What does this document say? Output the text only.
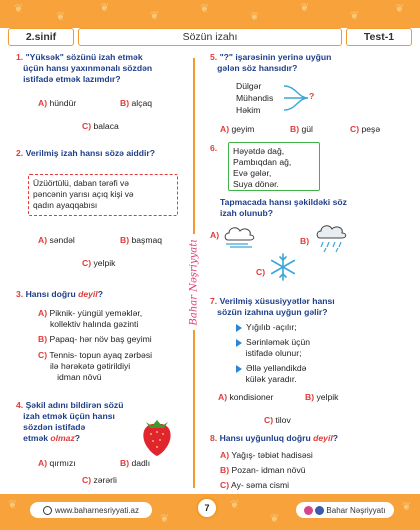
❦
❦
❦
❦
❦
❦
❦
❦
❦
2.sinif	Sözün izahı	Test-1
Bahar Nəşriyyatı
1. "Yüksək" sözünü izah etmək
üçün hansı yaxınmənalı sözdən
istifadə etmək lazımdır?
A) hündür	B) alçaq
C) balaca
2. Verilmiş izah hansı sözə aiddir?
Üzüörtülü, daban tərəfi və
pəncənin yarısı açıq kişi və
qadın ayaqqabısı
A) səndəl	B) başmaq
C) yelpik
3. Hansı doğru deyil?
A) Piknik- yüngül yeməklər,
kollektiv halında gəzinti
B) Papaq- hər növ baş geyimi
C) Tennis- topun ayaq zərbəsi
ilə hərəkətə gətirildiyi
idman növü
4. Şəkil adını bildirən sözü
izah etmək üçün hansı
sözdən istifadə
etmək olmaz?
A) qırmızı	B) dadlı
C) zərərli
5. "?" işarəsinin yerinə uyğun
gələn söz hansıdır?
Dülgər
Mühəndis
Həkim
?
A) geyim	B) gül	C) peşə
6.	Həyətdə dağ,
Pambıqdan ağ,
Evə gələr,
Suya dönər.
Tapmacada hansı şəkildəki söz
izah olunub?
A)
B)
C)
7. Verilmiş xüsusiyyətlər hansı
sözün izahına uyğun gəlir?
Yığılıb -açılır;
Sərinləmək üçün
istifadə olunur;
Əllə yelləndikdə
külək yaradır.
A) kondisioner	B) yelpik
C) tilov
8. Hansı uyğunluq doğru deyil?
A) Yağış- təbiət hadisəsi
B) Pozan- idman növü
C) Ay- səma cismi
❦
❦
❦
❦
❦
www.baharnesriyyati.az	7	Bahar Nəşriyyatı
